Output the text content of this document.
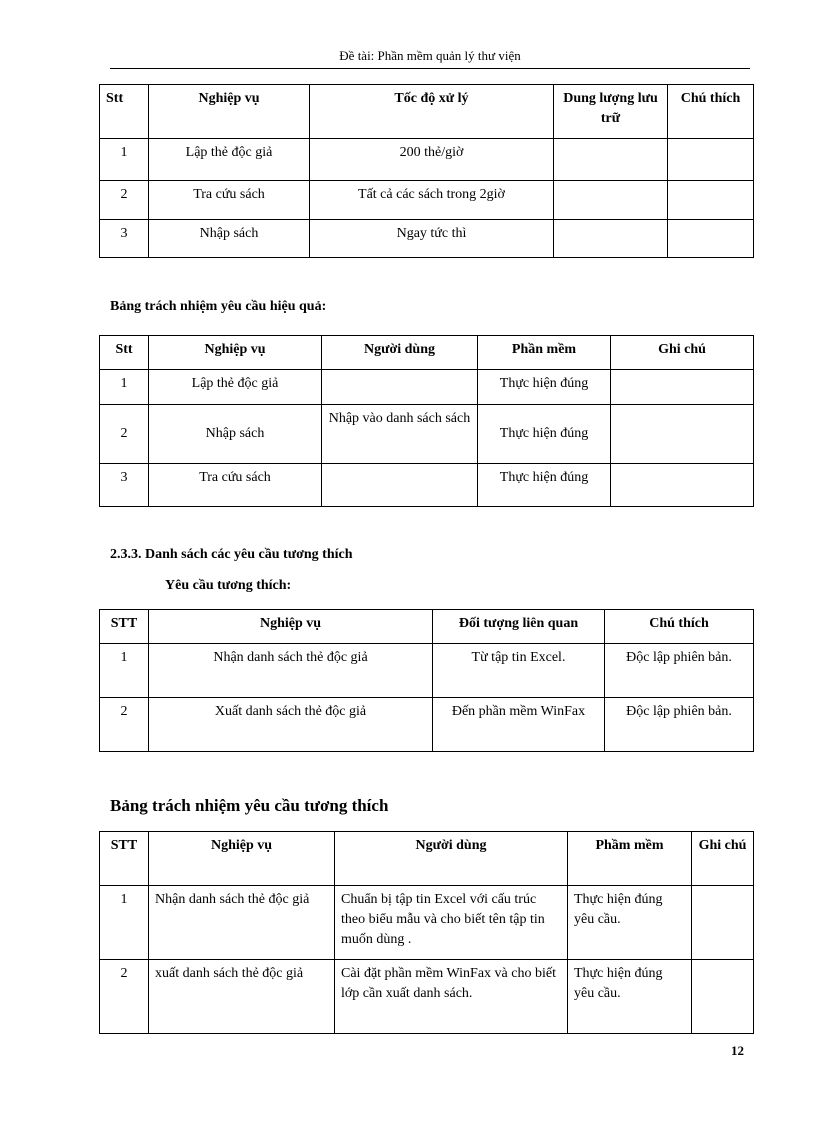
Đề tài: Phần mềm quản lý thư viện
Stt	Nghiệp vụ	Tốc độ xử lý	Dung lượng lưu trữ	Chú thích
1	Lập thẻ độc giả	200 thẻ/giờ		
2	Tra cứu sách	Tất cả các sách trong 2giờ		
3	Nhập sách	Ngay tức thì		
Bảng trách nhiệm yêu cầu hiệu quả:
Stt	Nghiệp vụ	Người dùng	Phần mềm	Ghi chú
1	Lập thẻ độc giả		Thực hiện đúng	
2	Nhập sách	Nhập vào danh sách sách	Thực hiện đúng	
3	Tra cứu sách		Thực hiện đúng	
2.3.3. Danh sách các yêu cầu tương thích
Yêu cầu tương thích:
STT	Nghiệp vụ	Đối tượng liên quan	Chú thích
1	Nhận danh sách thẻ độc giả	Từ tập tin Excel.	Độc lập phiên bản.
2	Xuất danh sách thẻ độc giả	Đến phần mềm WinFax	Độc lập phiên bản.
Bảng trách nhiệm yêu cầu tương thích
STT	Nghiệp vụ	Người dùng	Phầm mềm	Ghi chú
1	Nhận danh sách thẻ độc giả	Chuẩn bị tập tin Excel với cấu trúc theo biểu mẫu và cho biết tên tập tin muốn dùng .	Thực hiện đúng yêu cầu.	
2	xuất danh sách thẻ độc giả	Cài đặt phần mềm WinFax và cho biết lớp cần xuất danh sách.	Thực hiện đúng yêu cầu.	
12
